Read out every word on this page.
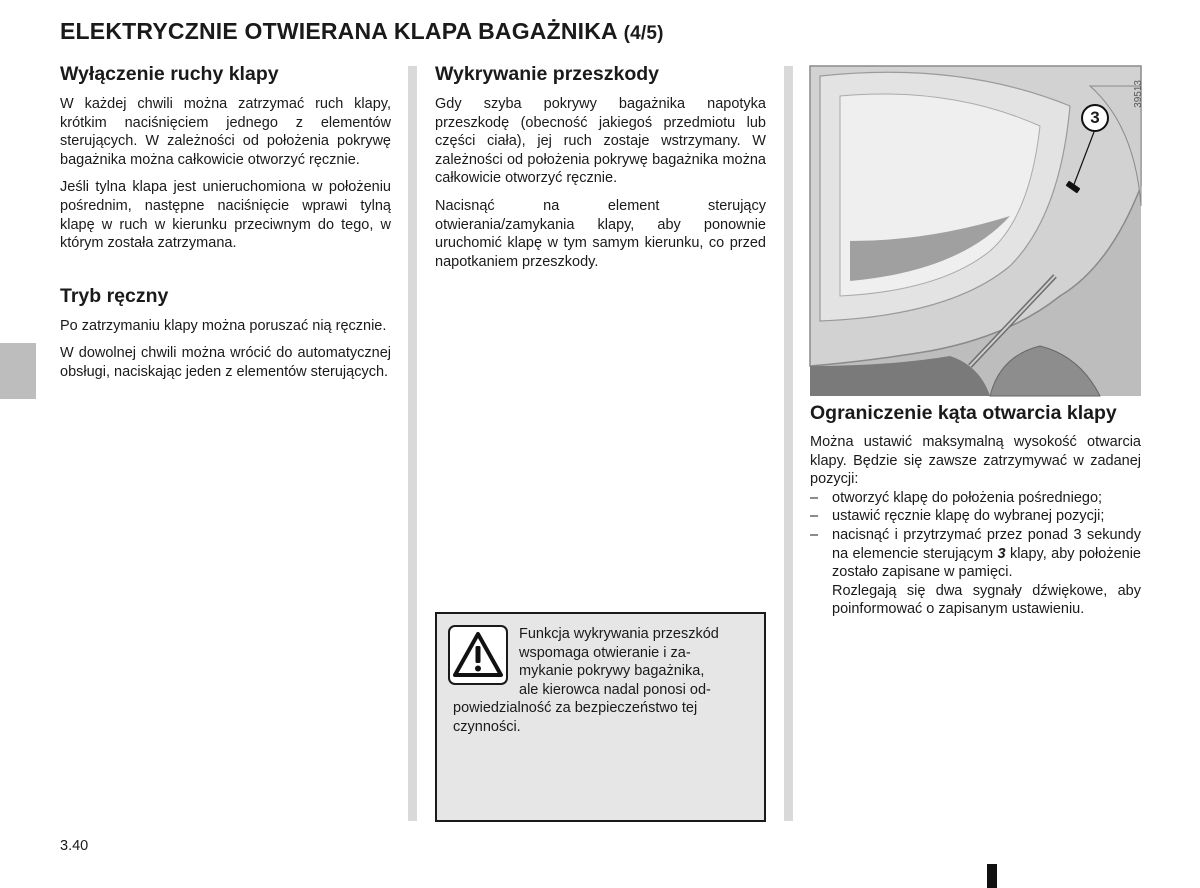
ELEKTRYCZNIE OTWIERANA KLAPA BAGAŻNIKA (4/5)
Wyłączenie ruchy klapy

W każdej chwili można zatrzymać ruch klapy, krótkim naciśnięciem jednego z elementów sterujących. W zależności od położenia pokrywę bagażnika można całkowicie otworzyć ręcznie.

Jeśli tylna klapa jest unieruchomiona w położeniu pośrednim, następne naciśnięcie wprawi tylną klapę w ruch w kierunku przeciwnym do tego, w którym została zatrzymana.

Tryb ręczny

Po zatrzymaniu klapy można poruszać nią ręcznie.

W dowolnej chwili można wrócić do automatycznej obsługi, naciskając jeden z elementów sterujących.

Wykrywanie przeszkody

Gdy szyba pokrywy bagażnika napotyka przeszkodę (obecność jakiegoś przedmiotu lub części ciała), jej ruch zostaje wstrzymany. W zależności od położenia pokrywę bagażnika można całkowicie otworzyć ręcznie.

Nacisnąć na element sterujący otwierania/zamykania klapy, aby ponownie uruchomić klapę w tym samym kierunku, co przed napotkaniem przeszkody.

Funkcja wykrywania przeszkód
wspomaga otwieranie i za-
mykanie pokrywy bagażnika,
ale kierowca nadal ponosi od-
powiedzialność za bezpieczeństwo tej
czynności.
39513
3
Ograniczenie kąta otwarcia klapy

Można ustawić maksymalną wysokość otwarcia klapy. Będzie się zawsze zatrzymywać w zadanej pozycji:

– otworzyć klapę do położenia pośredniego;
– ustawić ręcznie klapę do wybranej pozycji;
– nacisnąć i przytrzymać przez ponad 3 sekundy na elemencie sterującym 3 klapy, aby położenie zostało zapisane w pamięci.
Rozlegają się dwa sygnały dźwiękowe, aby poinformować o zapisanym ustawieniu.
3.40
